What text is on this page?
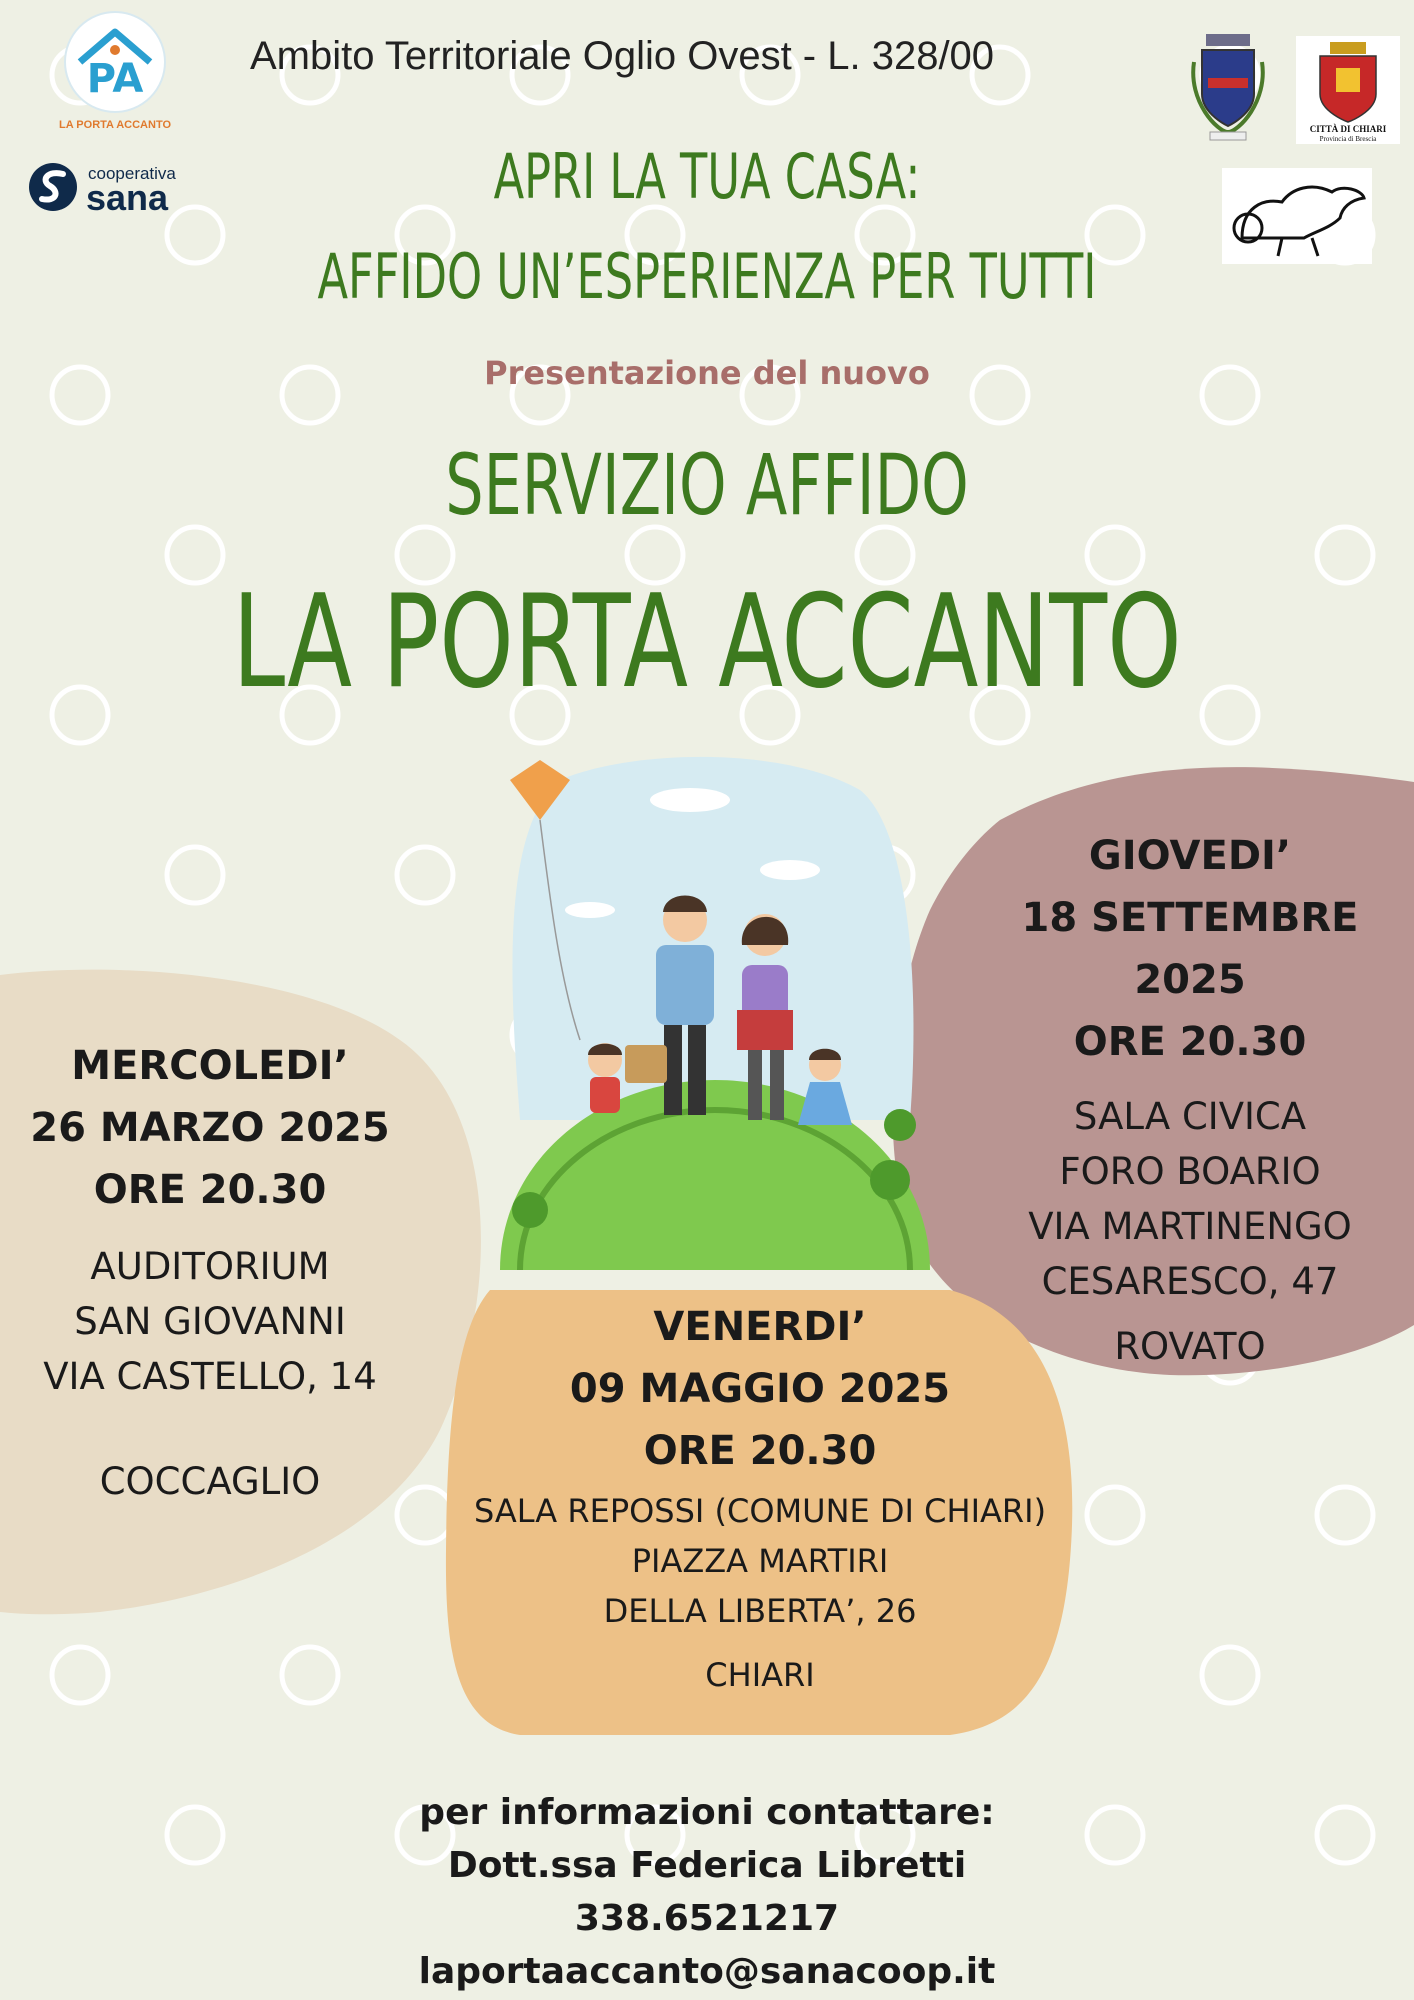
PA
LA PORTA ACCANTO
cooperativa
sana
CITTÀ DI CHIARI
Provincia di Brescia
Ambito Territoriale Oglio Ovest - L. 328/00
APRI LA TUA CASA:
AFFIDO UN’ESPERIENZA PER TUTTI
Presentazione del nuovo
SERVIZIO AFFIDO
LA PORTA ACCANTO
MERCOLEDI’
26 MARZO 2025
ORE 20.30
AUDITORIUM
SAN GIOVANNI
VIA CASTELLO, 14
COCCAGLIO
GIOVEDI’
18 SETTEMBRE 2025
ORE 20.30
SALA CIVICA
FORO BOARIO
VIA MARTINENGO
CESARESCO, 47
ROVATO
VENERDI’
09 MAGGIO 2025
ORE 20.30
SALA REPOSSI (COMUNE DI CHIARI)
PIAZZA MARTIRI
DELLA LIBERTA’, 26
CHIARI
per informazioni contattare:
Dott.ssa Federica Libretti
338.6521217
laportaaccanto@sanacoop.it
